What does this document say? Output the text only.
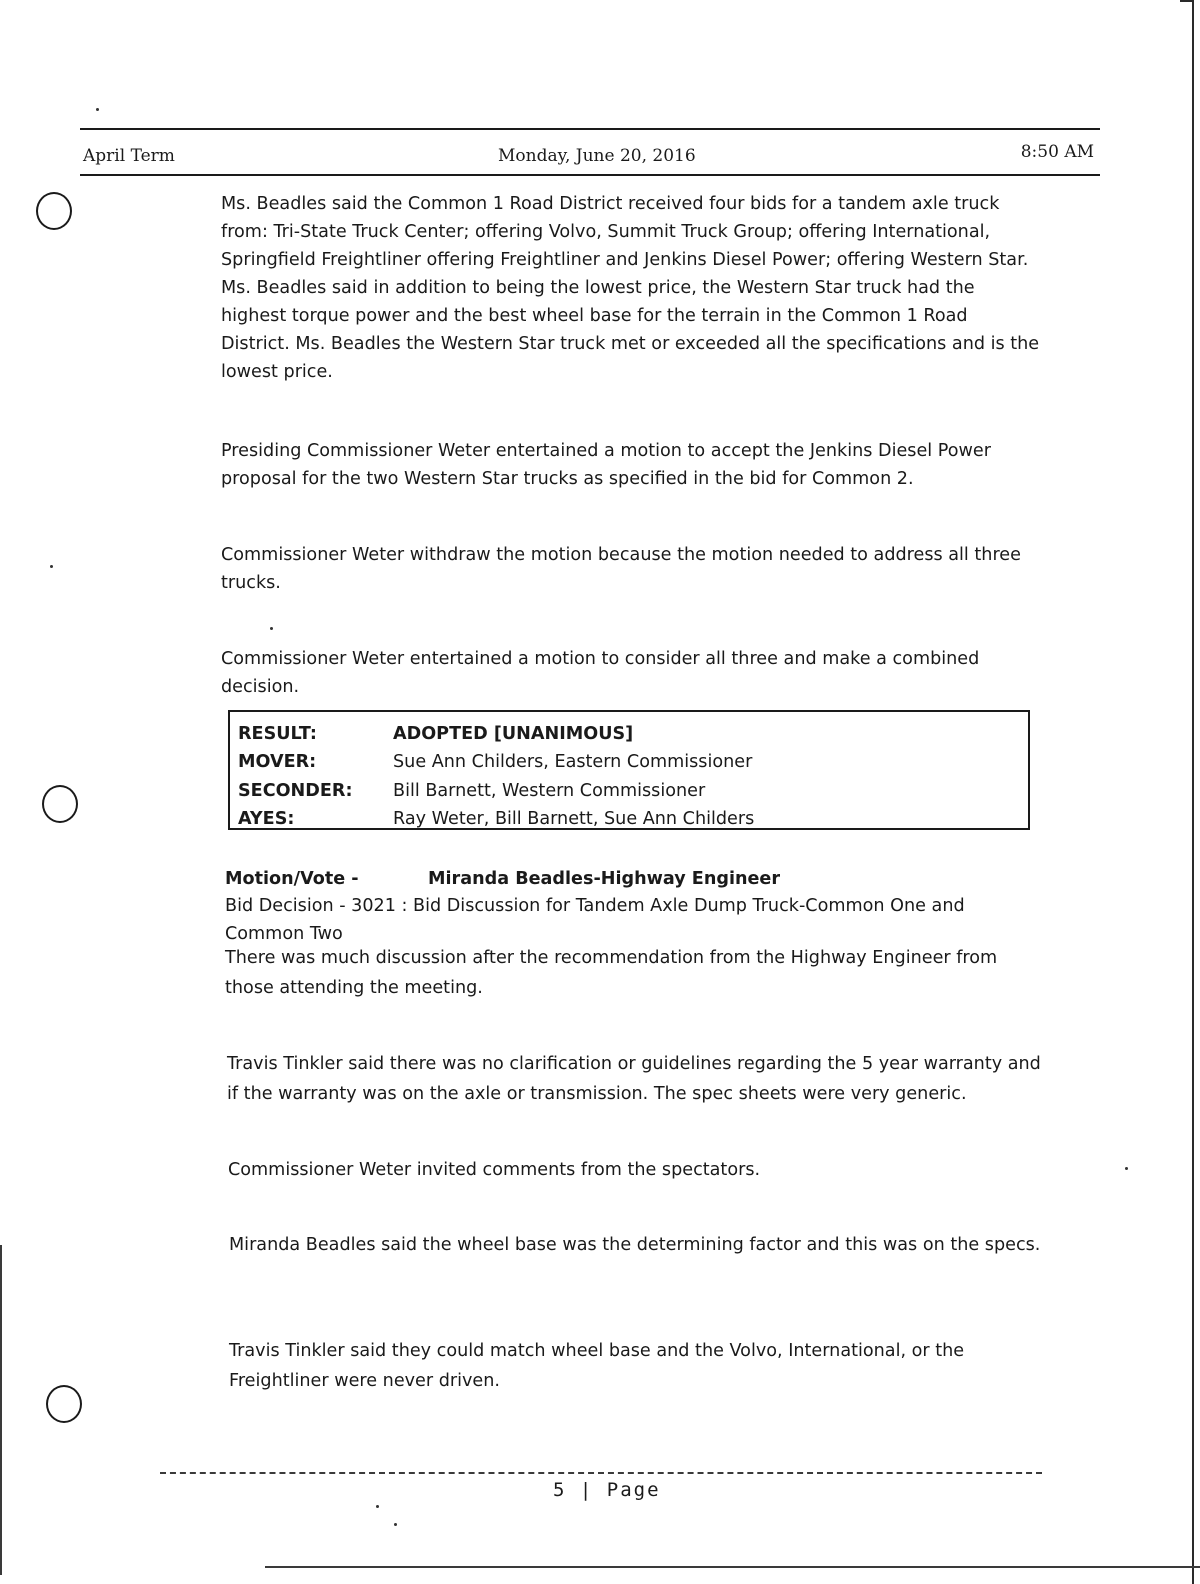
April Term	Monday, June 20, 2016	8:50 AM
Ms. Beadles said the Common 1 Road District received four bids for a tandem axle truck from: Tri-State Truck Center; offering Volvo, Summit Truck Group; offering International, Springfield Freightliner offering Freightliner and Jenkins Diesel Power; offering Western Star. Ms. Beadles said in addition to being the lowest price, the Western Star truck had the highest torque power and the best wheel base for the terrain in the Common 1 Road District. Ms. Beadles the Western Star truck met or exceeded all the specifications and is the lowest price.
Presiding Commissioner Weter entertained a motion to accept the Jenkins Diesel Power proposal for the two Western Star trucks as specified in the bid for Common 2.
Commissioner Weter withdraw the motion because the motion needed to address all three trucks.
Commissioner Weter entertained a motion to consider all three and make a combined decision.
RESULT:	ADOPTED [UNANIMOUS]
MOVER:	Sue Ann Childers, Eastern Commissioner
SECONDER: Bill Barnett, Western Commissioner
AYES:	Ray Weter, Bill Barnett, Sue Ann Childers
Motion/Vote -	Miranda Beadles-Highway Engineer
Bid Decision - 3021 : Bid Discussion for Tandem Axle Dump Truck-Common One and Common Two
There was much discussion after the recommendation from the Highway Engineer from those attending the meeting.
Travis Tinkler said there was no clarification or guidelines regarding the 5 year warranty and if the warranty was on the axle or transmission. The spec sheets were very generic.
Commissioner Weter invited comments from the spectators.
Miranda Beadles said the wheel base was the determining factor and this was on the specs.
Travis Tinkler said they could match wheel base and the Volvo, International, or the Freightliner were never driven.
5 | Page
